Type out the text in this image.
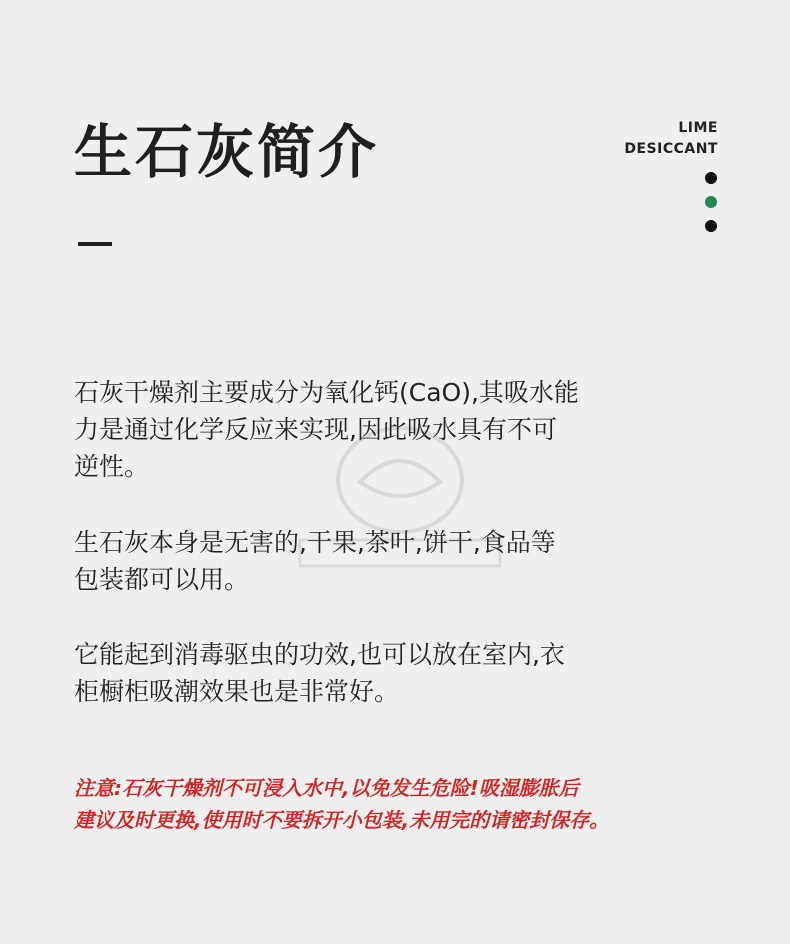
生石灰简介	LIME
DESICCANT
石灰干燥剂主要成分为氧化钙(CaO),其吸水能
力是通过化学反应来实现,因此吸水具有不可
逆性。
生石灰本身是无害的,干果,茶叶,饼干,食品等
包装都可以用。
它能起到消毒驱虫的功效,也可以放在室内,衣
柜橱柜吸潮效果也是非常好。
注意:石灰干燥剂不可浸入水中,以免发生危险!吸湿膨胀后
建议及时更换,使用时不要拆开小包装,未用完的请密封保存。
